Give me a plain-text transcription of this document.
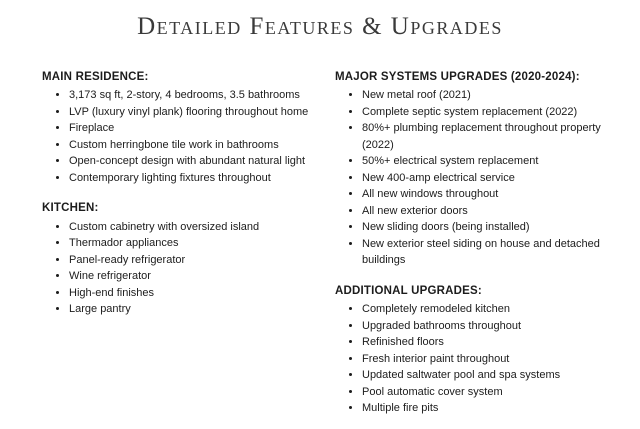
Detailed Features & Upgrades
MAIN RESIDENCE:
• 3,173 sq ft, 2-story, 4 bedrooms, 3.5 bathrooms
• LVP (luxury vinyl plank) flooring throughout home
• Fireplace
• Custom herringbone tile work in bathrooms
• Open-concept design with abundant natural light
• Contemporary lighting fixtures throughout
KITCHEN:
• Custom cabinetry with oversized island
• Thermador appliances
• Panel-ready refrigerator
• Wine refrigerator
• High-end finishes
• Large pantry
MAJOR SYSTEMS UPGRADES (2020-2024):
• New metal roof (2021)
• Complete septic system replacement (2022)
• 80%+ plumbing replacement throughout property (2022)
• 50%+ electrical system replacement
• New 400-amp electrical service
• All new windows throughout
• All new exterior doors
• New sliding doors (being installed)
• New exterior steel siding on house and detached buildings
ADDITIONAL UPGRADES:
• Completely remodeled kitchen
• Upgraded bathrooms throughout
• Refinished floors
• Fresh interior paint throughout
• Updated saltwater pool and spa systems
• Pool automatic cover system
• Multiple fire pits
